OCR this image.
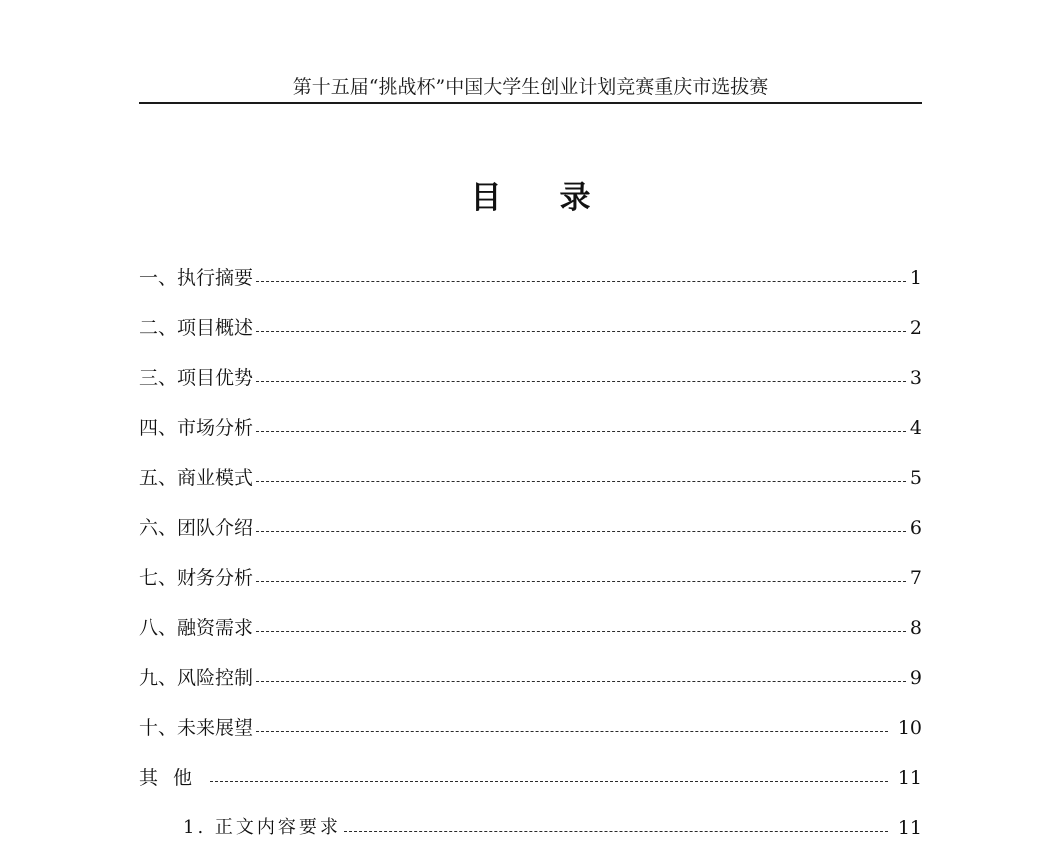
第十五届“挑战杯”中国大学生创业计划竞赛重庆市选拔赛
目录
一、执行摘要	1
二、项目概述	2
三、项目优势	3
四、市场分析	4
五、商业模式	5
六、团队介绍	6
七、财务分析	7
八、融资需求	8
九、风险控制	9
十、未来展望	10
其他	11
1. 正文内容要求	11
